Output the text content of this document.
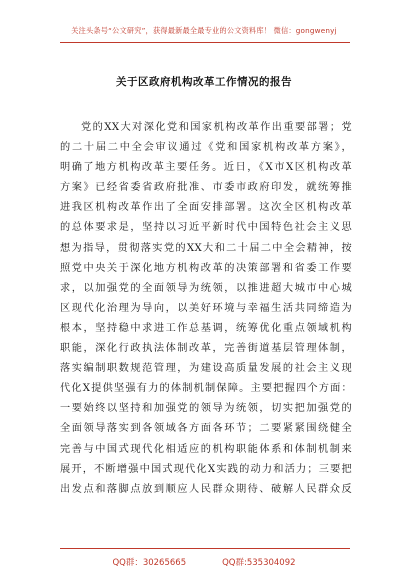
关注头条号“公文研究”，获得最新最全最专业的公文资料库！ 微信：gongwenyj
关于区政府机构改革工作情况的报告
党的XX大对深化党和国家机构改革作出重要部署；党
的二十届二中全会审议通过《党和国家机构改革方案》，
明确了地方机构改革主要任务。近日，《X市X区机构改革
方案》已经省委省政府批准、市委市政府印发，就统筹推
进我区机构改革作出了全面安排部署。这次全区机构改革
的总体要求是，坚持以习近平新时代中国特色社会主义思
想为指导，贯彻落实党的XX大和二十届二中全会精神，按
照党中央关于深化地方机构改革的决策部署和省委工作要
求，以加强党的全面领导为统领，以推进超大城市中心城
区现代化治理为导向，以美好环境与幸福生活共同缔造为
根本，坚持稳中求进工作总基调，统筹优化重点领域机构
职能，深化行政执法体制改革，完善街道基层管理体制，
落实编制职数规范管理，为建设高质量发展的社会主义现
代化X提供坚强有力的体制机制保障。主要把握四个方面：
一要始终以坚持和加强党的领导为统领，切实把加强党的
全面领导落实到各领域各方面各环节；二要紧紧围绕健全
完善与中国式现代化相适应的机构职能体系和体制机制来
展开，不断增强中国式现代化X实践的动力和活力；三要把
出发点和落脚点放到顺应人民群众期待、破解人民群众反
QQ群：30265665	QQ群:535304092
